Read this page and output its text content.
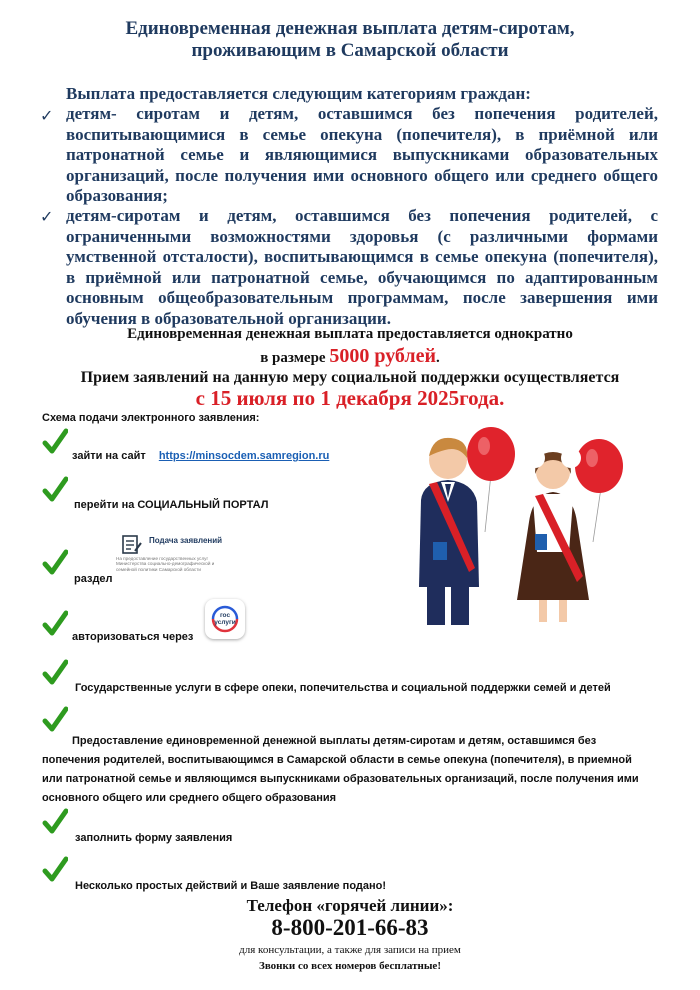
Единовременная денежная выплата детям-сиротам,
проживающим в Самарской области
Выплата предоставляется следующим категориям граждан:
✓ детям- сиротам и детям, оставшимся без попечения родителей, воспитывающимися в семье опекуна (попечителя), в приёмной или патронатной семье и являющимися выпускниками образовательных организаций, после получения ими основного общего или среднего общего образования;
✓ детям-сиротам и детям, оставшимся без попечения родителей, с ограниченными возможностями здоровья (с различными формами умственной отсталости), воспитывающимся в семье опекуна (попечителя), в приёмной или патронатной семье, обучающимся по адаптированным основным общеобразовательным программам, после завершения ими обучения в образовательной организации.
Единовременная денежная выплата предоставляется однократно
в размере 5000 рублей.
Прием заявлений на данную меру социальной поддержки осуществляется
с 15 июля по 1 декабря 2025года.
Схема подачи электронного заявления:
зайти на сайт https://minsocdem.samregion.ru
перейти на СОЦИАЛЬНЫЙ ПОРТАЛ
раздел
Подача заявлений
На предоставление государственных услуг Министерства социально-демографической и семейной политики Самарской области
авторизоваться через
гос услуги
Государственные услуги в сфере опеки, попечительства и социальной поддержки семей и детей
Предоставление единовременной денежной выплаты детям-сиротам и детям, оставшимся без попечения родителей, воспитывающимся в Самарской области в семье опекуна (попечителя), в приемной или патронатной семье и являющимся выпускниками образовательных организаций, после получения ими основного общего или среднего общего образования
заполнить форму заявления
Несколько простых действий и Ваше заявление подано!
Телефон «горячей линии»:
8-800-201-66-83
для консультации, а также для записи на прием
Звонки со всех номеров бесплатные!
